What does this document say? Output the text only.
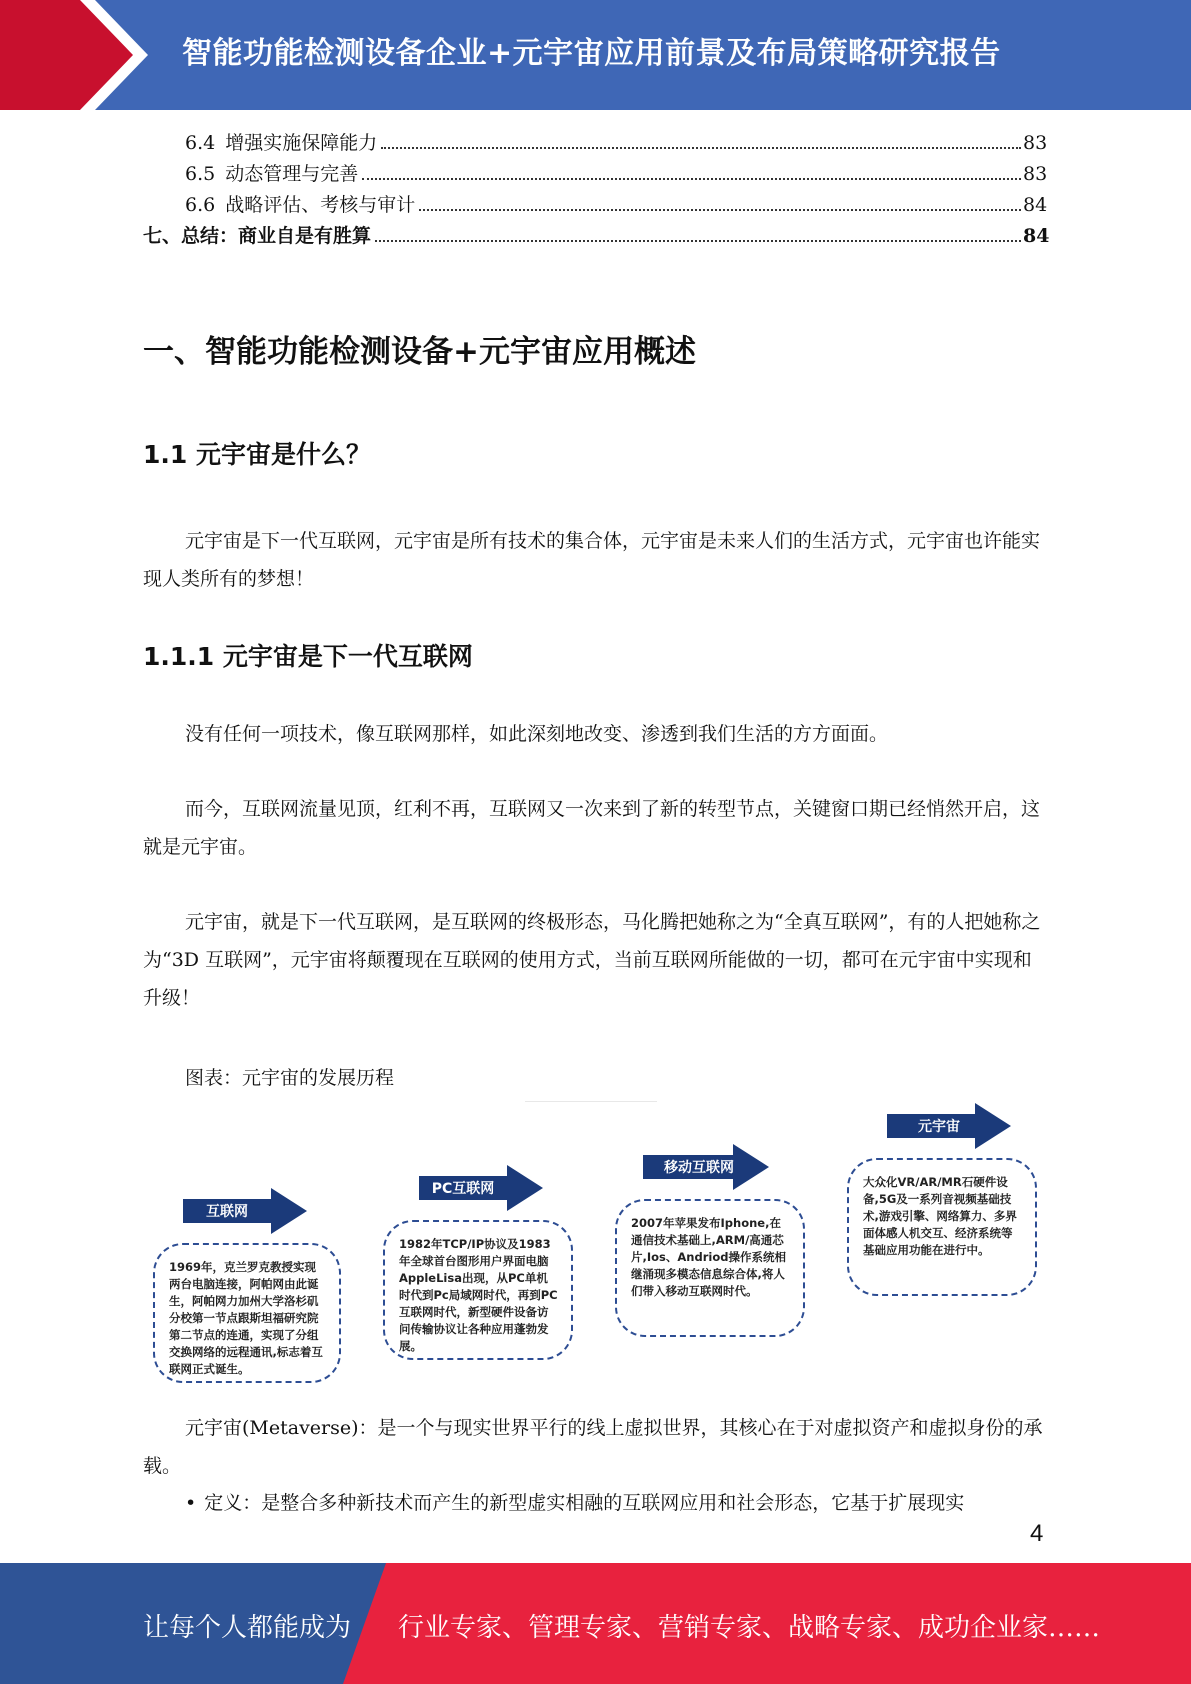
智能功能检测设备企业+元宇宙应用前景及布局策略研究报告
6.4 增强实施保障能力	83
6.5 动态管理与完善	83
6.6 战略评估、考核与审计	84
七、总结：商业自是有胜算	84
一、智能功能检测设备+元宇宙应用概述
1.1 元宇宙是什么？
元宇宙是下一代互联网，元宇宙是所有技术的集合体，元宇宙是未来人们的生活方式，元宇宙也许能实现人类所有的梦想！
1.1.1 元宇宙是下一代互联网
没有任何一项技术，像互联网那样，如此深刻地改变、渗透到我们生活的方方面面。
而今，互联网流量见顶，红利不再，互联网又一次来到了新的转型节点，关键窗口期已经悄然开启，这就是元宇宙。
元宇宙，就是下一代互联网，是互联网的终极形态，马化腾把她称之为“全真互联网”，有的人把她称之为“3D 互联网”，元宇宙将颠覆现在互联网的使用方式，当前互联网所能做的一切，都可在元宇宙中实现和升级！
图表：元宇宙的发展历程
互联网
1969年，克兰罗克教授实现两台电脑连接，阿帕网由此诞生，阿帕网力加州大学洛杉矶分校第一节点跟斯坦福研究院第二节点的连通，实现了分组交换网络的远程通讯,标志着互联网正式诞生。
PC互联网
1982年TCP/IP协议及1983年全球首台图形用户界面电脑AppleLisa出现，从PC单机时代到Pc局域网时代，再到PC互联网时代，新型硬件设备访问传输协议让各种应用蓬勃发展。
移动互联网
2007年苹果发布Iphone,在通信技术基础上,ARM/高通芯片,Ios、Andriod操作系统相继涌现多模态信息综合体,将人们带入移动互联网时代。
元宇宙
大众化VR/AR/MR石硬件设备,5G及一系列音视频基础技术,游戏引擎、网络算力、多界面体感人机交互、经济系统等基础应用功能在进行中。
元宇宙(Metaverse)：是一个与现实世界平行的线上虚拟世界，其核心在于对虚拟资产和虚拟身份的承载。
• 定义：是整合多种新技术而产生的新型虚实相融的互联网应用和社会形态，它基于扩展现实
4
让每个人都能成为 行业专家、管理专家、营销专家、战略专家、成功企业家……
